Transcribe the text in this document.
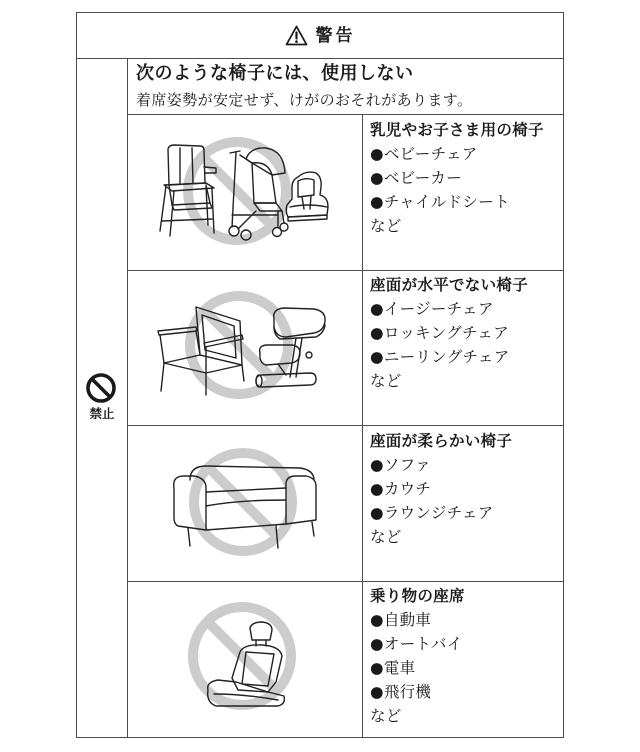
警告
禁止
次のような椅子には、使用しない
着席姿勢が安定せず、けがのおそれがあります。
乳児やお子さま用の椅子
●ベビーチェア
●ベビーカー
●チャイルドシート
など
座面が水平でない椅子
●イージーチェア
●ロッキングチェア
●ニーリングチェア
など
座面が柔らかい椅子
●ソファ
●カウチ
●ラウンジチェア
など
乗り物の座席
●自動車
●オートバイ
●電車
●飛行機
など
